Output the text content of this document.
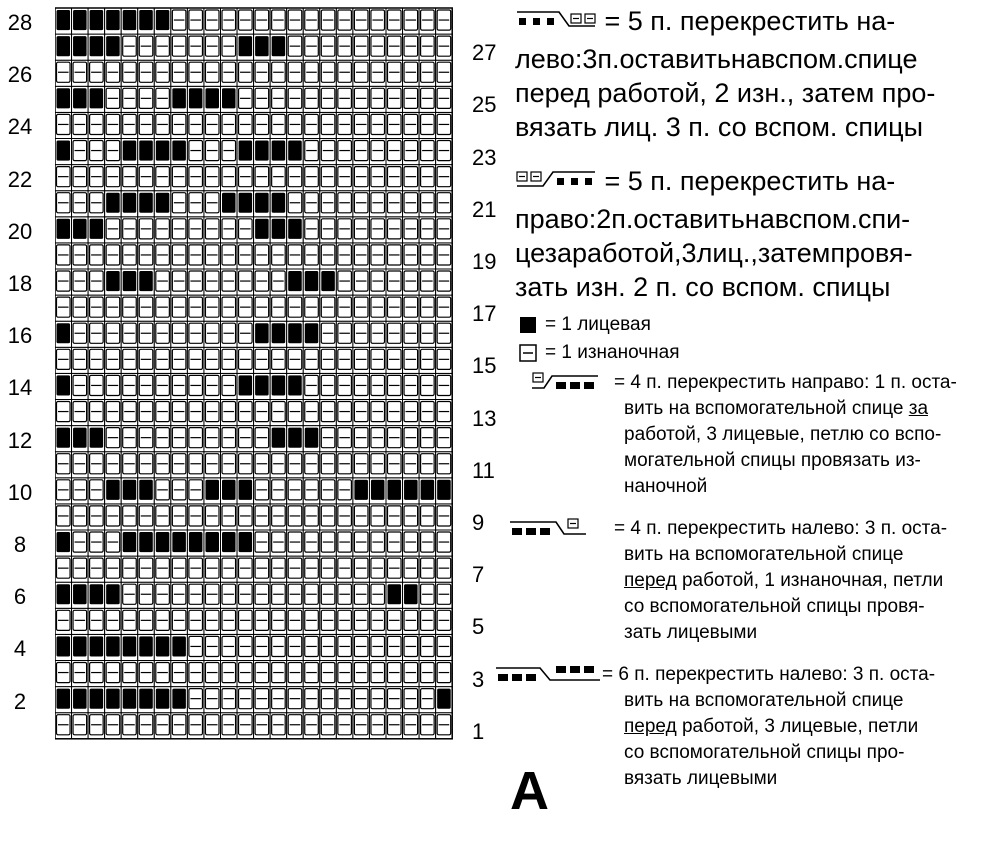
28
26
24
22
20
18
16
14
12
10
8
6
4
2
27
25
23
21
19
17
15
13
11
9
7
5
3
1
A
= 5 п. перекрестить на-
лево:3п.оставитьнавспом.спице
перед работой, 2 изн., затем про-
вязать лиц. 3 п. со вспом. спицы
= 5 п. перекрестить на-
право:2п.оставитьнавспом.спи-
цезаработой,3лиц.,затемпровя-
зать изн. 2 п. со вспом. спицы
= 1 лицевая
= 1 изнаночная
= 4 п. перекрестить направо: 1 п. оста-
вить на вспомогательной спице за
работой, 3 лицевые, петлю со вспо-
могательной спицы провязать из-
наночной
= 4 п. перекрестить налево: 3 п. оста-
вить на вспомогательной спице
перед работой, 1 изнаночная, петли
со вспомогательной спицы провя-
зать лицевыми
= 6 п. перекрестить налево: 3 п. оста-
вить на вспомогательной спице
перед работой, 3 лицевые, петли
со вспомогательной спицы про-
вязать лицевыми
